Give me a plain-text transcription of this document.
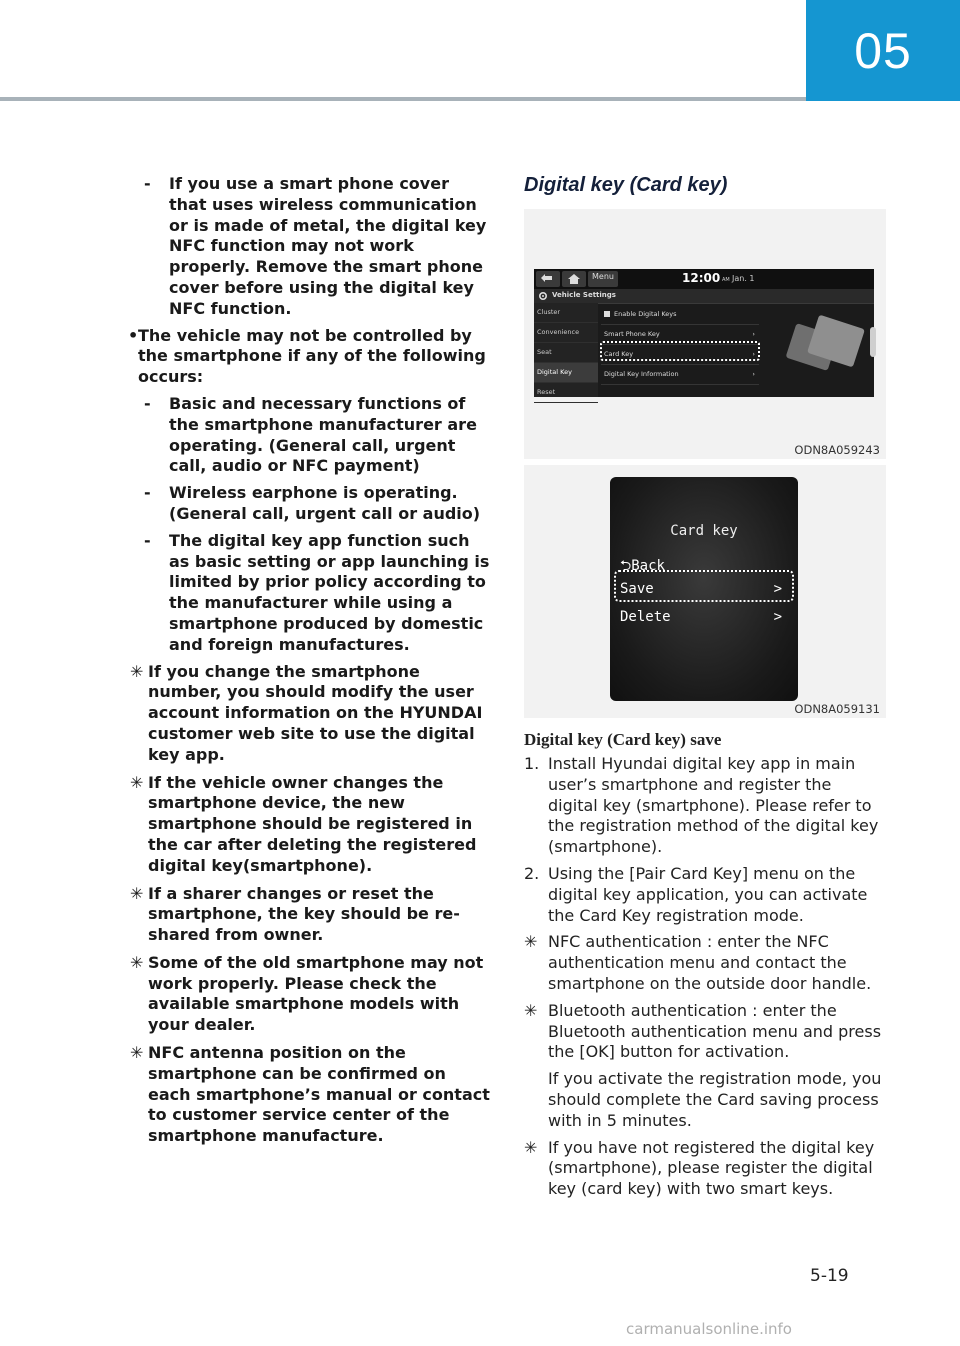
05
- If you use a smart phone cover that uses wireless communication or is made of metal, the digital key NFC function may not work properly. Remove the smart phone cover before using the digital key NFC function.
• The vehicle may not be controlled by the smartphone if any of the following occurs:
- Basic and necessary functions of the smartphone manufacturer are operating. (General call, urgent call, audio or NFC payment)
- Wireless earphone is operating. (General call, urgent call or audio)
- The digital key app function such as basic setting or app launching is limited by prior policy according to the manufacturer while using a smartphone produced by domestic and foreign manufactures.
✳ If you change the smartphone number, you should modify the user account information on the HYUNDAI customer web site to use the digital key app.
✳ If the vehicle owner changes the smartphone device, the new smartphone should be registered in the car after deleting the registered digital key(smartphone).
✳ If a sharer changes or reset the smartphone, the key should be re-shared from owner.
✳ Some of the old smartphone may not work properly. Please check the available smartphone models with your dealer.
✳ NFC antenna position on the smartphone can be confirmed on each smartphone’s manual or contact to customer service center of the smartphone manufacture.
Digital key (Card key)
Menu	12:00 AM Jan. 1
Vehicle Settings
Cluster
Convenience
Seat
Digital Key
Reset
Enable Digital Keys
Smart Phone Key	›
Card Key	›
Digital Key Information	›
ODN8A059243
Card key
⮌Back
Save	>
Delete	>
ODN8A059131
Digital key (Card key) save
1. Install Hyundai digital key app in main user’s smartphone and register the digital key (smartphone). Please refer to the registration method of the digital key (smartphone).
2. Using the [Pair Card Key] menu on the digital key application, you can activate the Card Key registration mode.
✳ NFC authentication : enter the NFC authentication menu and contact the smartphone on the outside door handle.
✳ Bluetooth authentication : enter the Bluetooth authentication menu and press the [OK] button for activation.
If you activate the registration mode, you should complete the Card saving process with in 5 minutes.
✳ If you have not registered the digital key (smartphone), please register the digital key (card key) with two smart keys.
5-19
carmanualsonline.info
